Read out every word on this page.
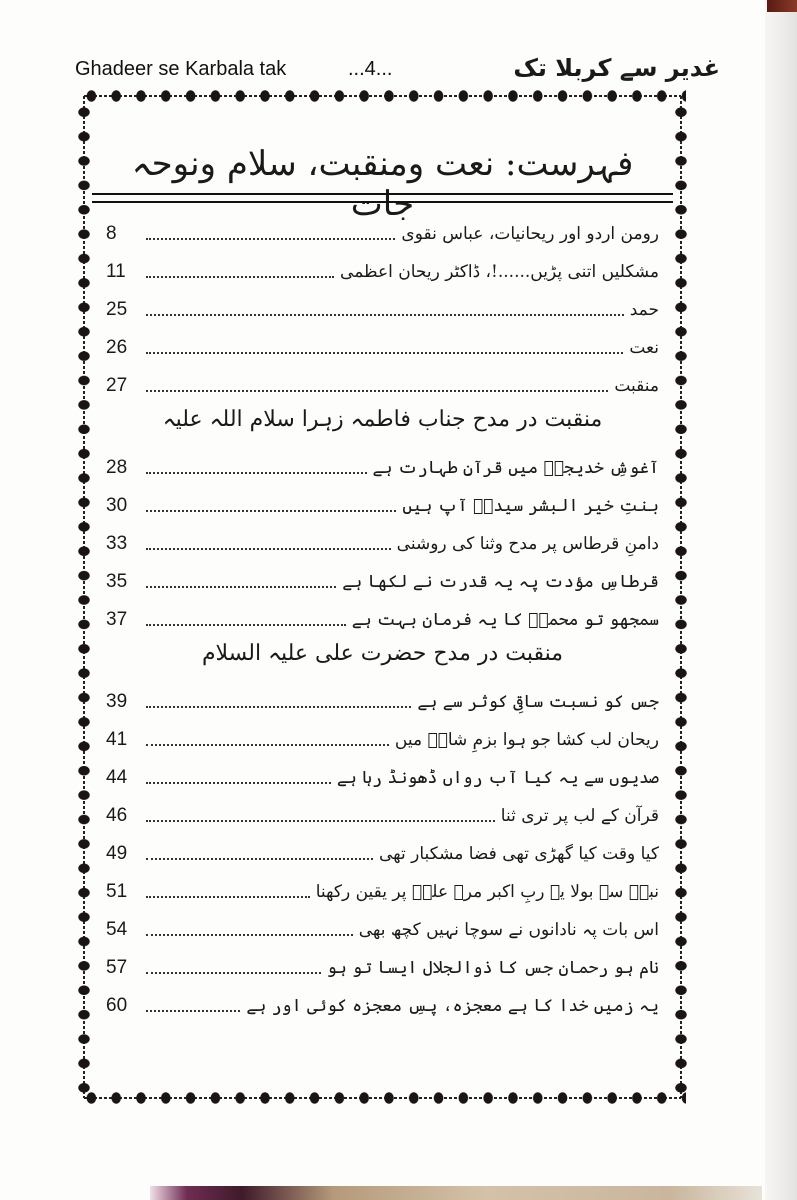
Ghadeer se Karbala tak	...4...	غدیر سے کربلا تک
فہرست: نعت ومنقبت، سلام ونوحہ جات
8	رومن اردو اور ریحانیات، عباس نقوی
11	مشکلیں اتنی پڑیں......!، ڈاکٹر ریحان اعظمی
25	حمد
26	نعت
27	منقبت
منقبت در مدح جناب فاطمہ زہرا سلام اللہ علیہ
28	آغوشِ خدیجہؑ میں قرآنِ طہارت ہے
30	بنتِ خیر البشر سیدہؑ آپ ہیں
33	دامنِ قرطاس پر مدح وثنا کی روشنی
35	قرطاسِ مؤدت پہ یہ قدرت نے لکھا ہے
37	سمجھو تو محمدؐ کا یہ فرمان بہت ہے
منقبت در مدح حضرت علی علیہ السلام
39	جس کو نسبت ساقیِ کوثر سے ہے
41	ریحان لب کشا جو ہوا بزمِ شاہؑ میں
44	صدیوں سے یہ کیا آب رواں ڈھونڈ رہا ہے
46	قرآن کے لب پر تری ثنا
49	کیا وقت کیا گھڑی تھی فضا مشکبار تھی
51	نبیؐ سے بولا یہ ربِ اکبر مرے علیؑ پر یقین رکھنا
54	اس بات پہ نادانوں نے سوچا نہیں کچھ بھی
57	نام ہو رحمان جس کا ذوالجلال ایسا تو ہو
60	یہ زمیں خدا کا ہے معجزہ، پسِ معجزہ کوئی اور ہے
